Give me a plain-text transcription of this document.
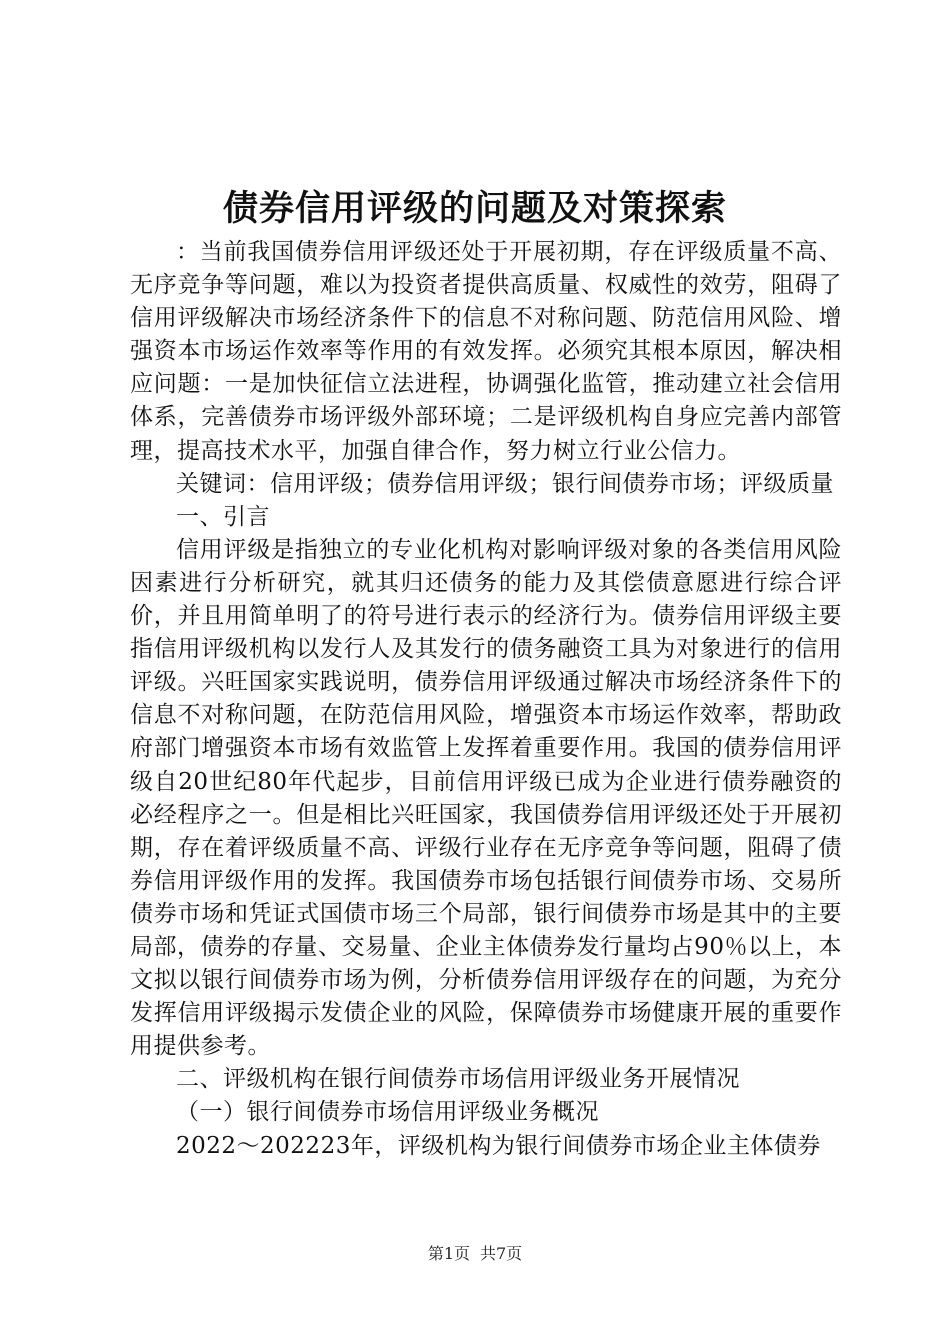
债券信用评级的问题及对策探索

：当前我国债券信用评级还处于开展初期，存在评级质量不高、无序竞争等问题，难以为投资者提供高质量、权威性的效劳，阻碍了信用评级解决市场经济条件下的信息不对称问题、防范信用风险、增强资本市场运作效率等作用的有效发挥。必须究其根本原因，解决相应问题：一是加快征信立法进程，协调强化监管，推动建立社会信用体系，完善债券市场评级外部环境；二是评级机构自身应完善内部管理，提高技术水平，加强自律合作，努力树立行业公信力。

关键词：信用评级；债券信用评级；银行间债券市场；评级质量

一、引言

信用评级是指独立的专业化机构对影响评级对象的各类信用风险因素进行分析研究，就其归还债务的能力及其偿债意愿进行综合评价，并且用简单明了的符号进行表示的经济行为。债券信用评级主要指信用评级机构以发行人及其发行的债务融资工具为对象进行的信用评级。兴旺国家实践说明，债券信用评级通过解决市场经济条件下的信息不对称问题，在防范信用风险，增强资本市场运作效率，帮助政府部门增强资本市场有效监管上发挥着重要作用。我国的债券信用评级自20世纪80年代起步，目前信用评级已成为企业进行债券融资的必经程序之一。但是相比兴旺国家，我国债券信用评级还处于开展初期，存在着评级质量不高、评级行业存在无序竞争等问题，阻碍了债券信用评级作用的发挥。我国债券市场包括银行间债券市场、交易所债券市场和凭证式国债市场三个局部，银行间债券市场是其中的主要局部，债券的存量、交易量、企业主体债券发行量均占90％以上，本文拟以银行间债券市场为例，分析债券信用评级存在的问题，为充分发挥信用评级揭示发债企业的风险，保障债券市场健康开展的重要作用提供参考。

二、评级机构在银行间债券市场信用评级业务开展情况

（一）银行间债券市场信用评级业务概况

2022～202223年，评级机构为银行间债券市场企业主体债券

第1页 共7页
